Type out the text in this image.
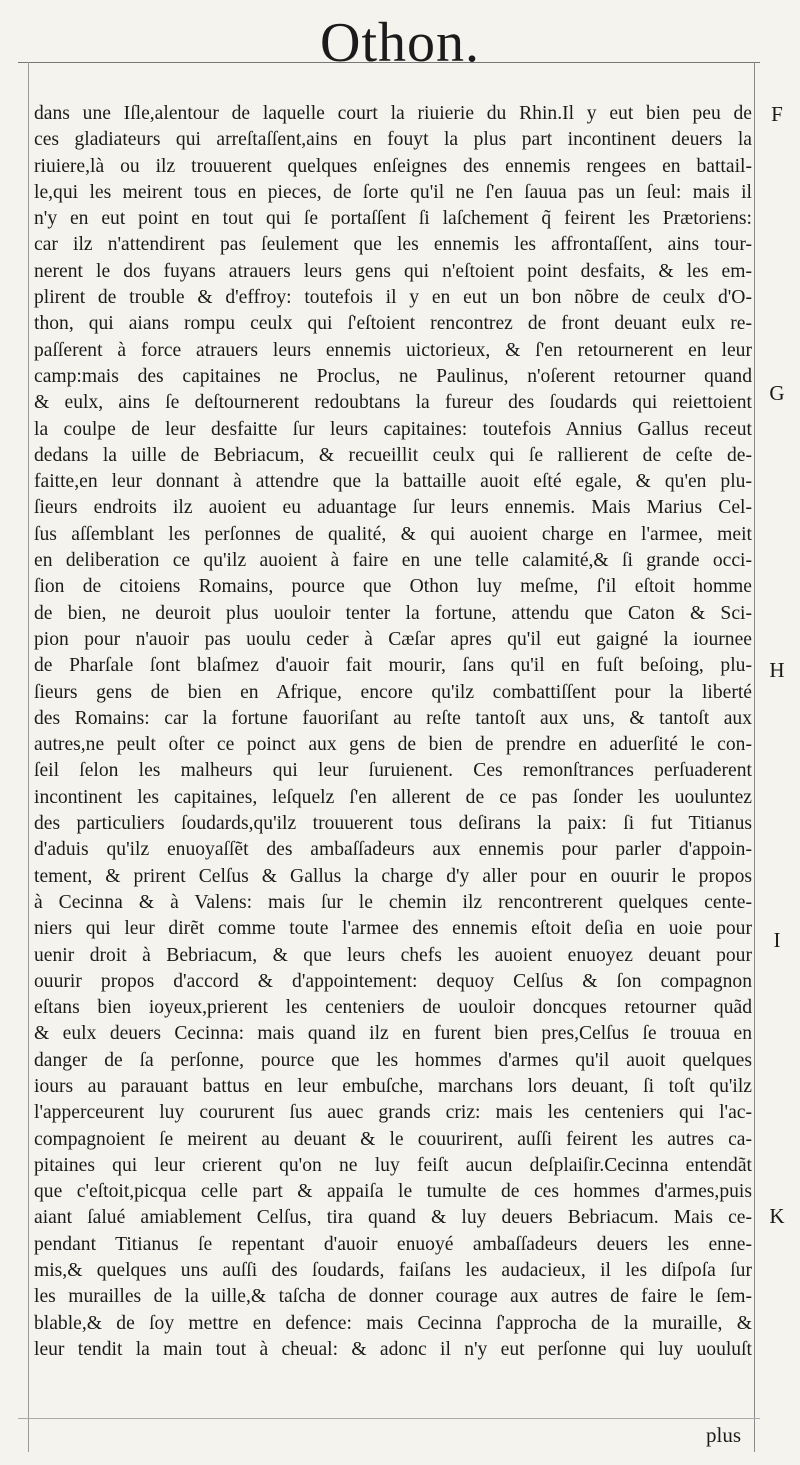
Othon.
dans une Iſle,alentour de laquelle court la riuierie du Rhin.Il y eut bien peu de
ces gladiateurs qui arreſtaſſent,ains en fouyt la plus part incontinent deuers la
riuiere,là ou ilz trouuerent quelques enſeignes des ennemis rengees en battail-
le,qui les meirent tous en pieces, de ſorte qu'il ne ſ'en ſauua pas un ſeul: mais il
n'y en eut point en tout qui ſe portaſſent ſi laſchement q̃ feirent les Prætoriens:
car ilz n'attendirent pas ſeulement que les ennemis les affrontaſſent, ains tour-
nerent le dos fuyans atrauers leurs gens qui n'eſtoient point desfaits, & les em-
plirent de trouble & d'effroy: toutefois il y en eut un bon nõbre de ceulx d'O-
thon, qui aians rompu ceulx qui ſ'eſtoient rencontrez de front deuant eulx re-
paſſerent à force atrauers leurs ennemis uictorieux, & ſ'en retournerent en leur
camp:mais des capitaines ne Proclus, ne Paulinus, n'oſerent retourner quand
& eulx, ains ſe deſtournerent redoubtans la fureur des ſoudards qui reiettoient
la coulpe de leur desfaitte ſur leurs capitaines: toutefois Annius Gallus receut
dedans la uille de Bebriacum, & recueillit ceulx qui ſe rallierent de ceſte de-
faitte,en leur donnant à attendre que la battaille auoit eſté egale, & qu'en plu-
ſieurs endroits ilz auoient eu aduantage ſur leurs ennemis. Mais Marius Cel-
ſus aſſemblant les perſonnes de qualité, & qui auoient charge en l'armee, meit
en deliberation ce qu'ilz auoient à faire en une telle calamité,& ſi grande occi-
ſion de citoiens Romains, pource que Othon luy meſme, ſ'il eſtoit homme
de bien, ne deuroit plus uouloir tenter la fortune, attendu que Caton & Sci-
pion pour n'auoir pas uoulu ceder à Cæſar apres qu'il eut gaigné la iournee
de Pharſale ſont blaſmez d'auoir fait mourir, ſans qu'il en fuſt beſoing, plu-
ſieurs gens de bien en Afrique, encore qu'ilz combattiſſent pour la liberté
des Romains: car la fortune fauoriſant au reſte tantoſt aux uns, & tantoſt aux
autres,ne peult oſter ce poinct aux gens de bien de prendre en aduerſité le con-
ſeil ſelon les malheurs qui leur ſuruienent. Ces remonſtrances perſuaderent
incontinent les capitaines, leſquelz ſ'en allerent de ce pas ſonder les uouluntez
des particuliers ſoudards,qu'ilz trouuerent tous deſirans la paix: ſi fut Titianus
d'aduis qu'ilz enuoyaſſẽt des ambaſſadeurs aux ennemis pour parler d'appoin-
tement, & prirent Celſus & Gallus la charge d'y aller pour en ouurir le propos
à Cecinna & à Valens: mais ſur le chemin ilz rencontrerent quelques cente-
niers qui leur dirẽt comme toute l'armee des ennemis eſtoit deſia en uoie pour
uenir droit à Bebriacum, & que leurs chefs les auoient enuoyez deuant pour
ouurir propos d'accord & d'appointement: dequoy Celſus & ſon compagnon
eſtans bien ioyeux,prierent les centeniers de uouloir doncques retourner quãd
& eulx deuers Cecinna: mais quand ilz en furent bien pres,Celſus ſe trouua en
danger de ſa perſonne, pource que les hommes d'armes qu'il auoit quelques
iours au parauant battus en leur embuſche, marchans lors deuant, ſi toſt qu'ilz
l'apperceurent luy coururent ſus auec grands criz: mais les centeniers qui l'ac-
compagnoient ſe meirent au deuant & le couurirent, auſſi feirent les autres ca-
pitaines qui leur crierent qu'on ne luy feiſt aucun deſplaiſir.Cecinna entendãt
que c'eſtoit,picqua celle part & appaiſa le tumulte de ces hommes d'armes,puis
aiant ſalué amiablement Celſus, tira quand & luy deuers Bebriacum. Mais ce-
pendant Titianus ſe repentant d'auoir enuoyé ambaſſadeurs deuers les enne-
mis,& quelques uns auſſi des ſoudards, faiſans les audacieux, il les diſpoſa ſur
les murailles de la uille,& taſcha de donner courage aux autres de faire le ſem-
blable,& de ſoy mettre en defence: mais Cecinna ſ'approcha de la muraille, &
leur tendit la main tout à cheual: & adonc il n'y eut perſonne qui luy uouluſt
F
G
H
I
K
plus
